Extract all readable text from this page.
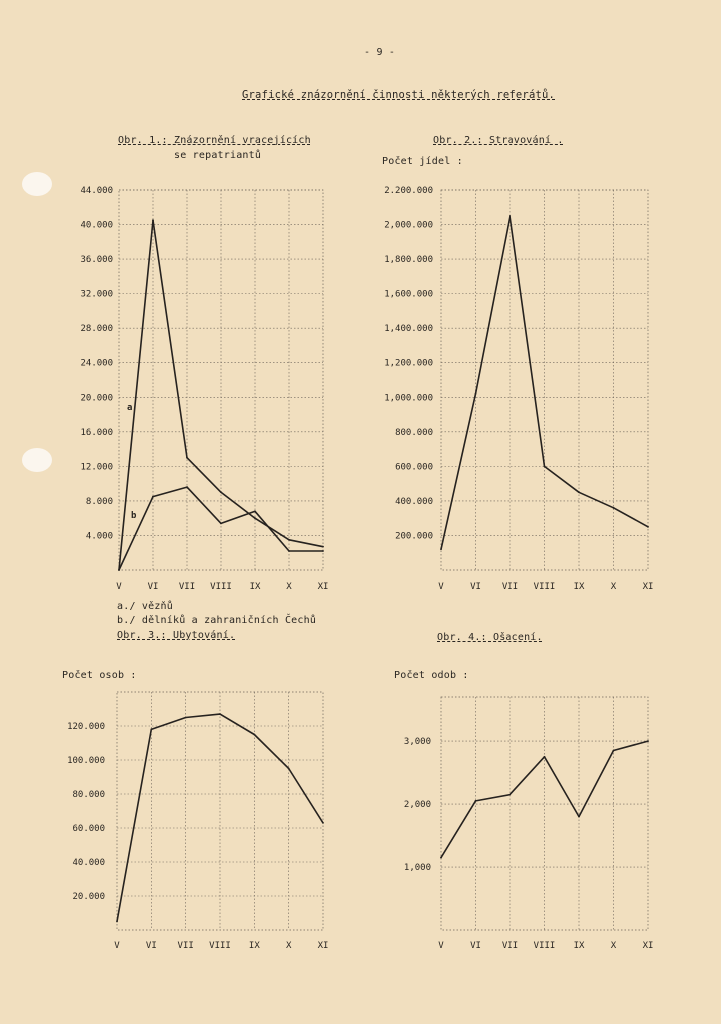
- 9 -
Grafické znázornění činnosti některých referátů.
Obr. 1.: Znázornění vracejících
se repatriantů
a./ vězňů
b./ dělníků a zahraničních Čechů
Obr. 2.: Stravování .
Počet jídel :
Obr. 3.: Ubytování.
Počet osob :
Obr. 4.: Ošacení.
Počet odob :
44.000
40.000
36.000
32.000
28.000
24.000
20.000
16.000
12.000
8.000
4.000
V	VI VII VIII IX	X	XI
a
b
2.200.000
2,000.000
1,800.000
1,600.000
1,400.000
1,200.000
1,000.000
800.000
600.000
400.000
200.000
V	VI VII VIII IX	X	XI
120.000
100.000
80.000
60.000
40.000
20.000
V	VI VII VIII IX	X	XI
3,000
2,000
1,000
V	VI VII VIII IX	X	XI
